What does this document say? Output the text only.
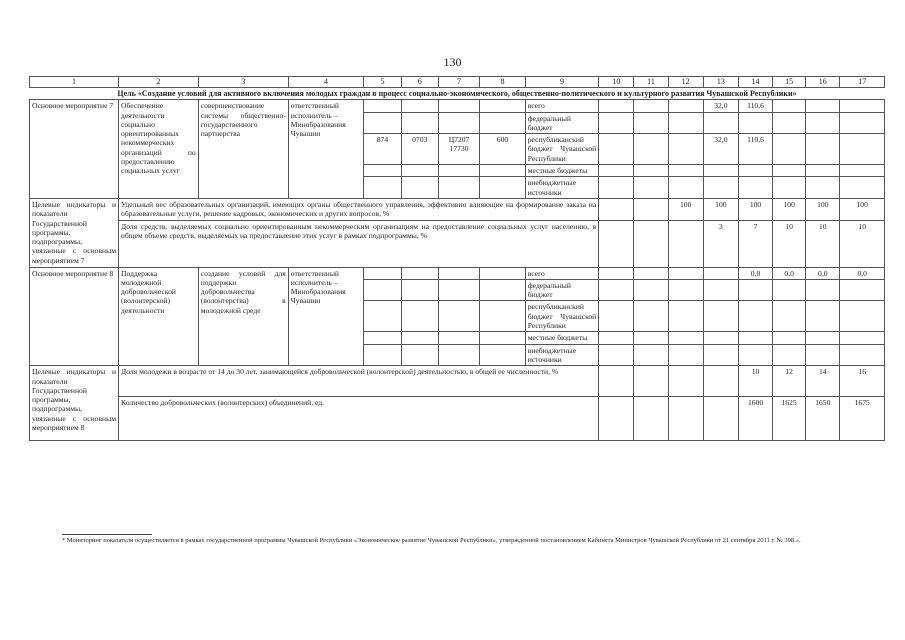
130
1	2	3	4	5	6	7	8	9	10	11	12	13	14	15	16	17
Цель «Создание условий для активного включения молодых граждан в процесс социально-экономического, общественно-политического и культурного развития Чувашской Республики»																
Основное мероприятие 7	Обеспечение деятельности социально ориентированных некоммерческих организаций по предоставлению социальных услуг	совершенствование системы общественно-государственного партнерства	ответственный исполнитель – Минобразования Чувашии					всего				32,0	110,6			
								федеральный бюджет								
				874	0703	Ц7207 17730	600	республиканский бюджет Чувашской Республики				32,0	110,6			
								местные бюджеты								
								внебюджетные источники								
Целевые индикаторы и показатели Государственной программы, подпрограммы, увязанные с основным мероприятием 7	Удельный вес образовательных организаций, имеющих органы общественного управления, эффективно влияющие на формирование заказа на образовательные услуги, решение кадровых, экономических и других вопросов, %										100	100	100	100	100	100
	Доля средств, выделяемых социально ориентированным некоммерческим организациям на предоставление социальных услуг населению, в общем объеме средств, выделяемых на предоставление этих услуг в рамках подпрограммы, %											3	7	10	10	10
Основное мероприятие 8	Поддержка молодежной добровольческой (волонтерской) деятельности	создание условий для поддержки добровольчества (волонтерства) в молодежной среде	ответственный исполнитель – Минобразования Чувашии					всего					0,0	0,0	0,0	0,0
								федеральный бюджет								
								республиканский бюджет Чувашской Республики								
								местные бюджеты								
								внебюджетные источники								
Целевые индикаторы и показатели Государственной программы, подпрограммы, увязанные с основным мероприятием 8	Доля молодежи в возрасте от 14 до 30 лет, занимающейся добровольческой (волонтерской) деятельностью, в общей ее численности, %												10	12	14	16
	Количество добровольческих (волонтерских) объединений, ед.												1600	1625	1650	1675
* Мониторинг показателя осуществляется в рамках государственной программы Чувашской Республики «Экономическое развитие Чувашской Республики», утвержденной постановлением Кабинета Министров Чувашской Республики от 21 сентября 2011 г. № 398.».
